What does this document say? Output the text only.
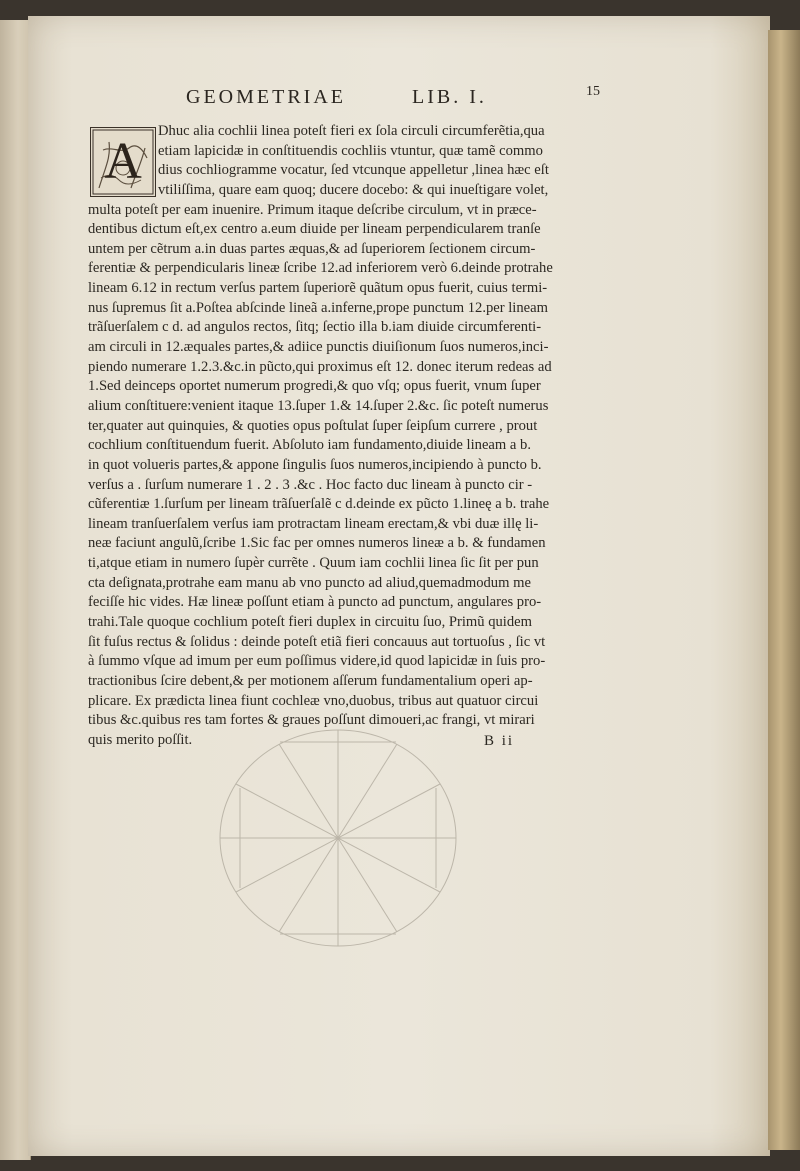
GEOMETRIAE	LIB. I.	15
A
Dhuc alia cochlii linea poteſt fieri ex ſola circuli circumferẽtia,qua
etiam lapicidæ in conſtituendis cochliis vtuntur, quæ tamẽ commo
dius cochliogramme vocatur, ſed vtcunque appelletur ,linea hæc eſt
vtiliſſima, quare eam quoq; ducere docebo: & qui inueſtigare volet,
multa poteſt per eam inuenire. Primum itaque deſcribe circulum, vt in præce-
dentibus dictum eſt,ex centro a.eum diuide per lineam perpendicularem tranſe
untem per cẽtrum a.in duas partes æquas,& ad ſuperiorem ſectionem circum-
ferentiæ & perpendicularis lineæ ſcribe 12.ad inferiorem verò 6.deinde protrahe
lineam 6.12 in rectum verſus partem ſuperiorẽ quãtum opus fuerit, cuius termi-
nus ſupremus ſit a.Poſtea abſcinde lineã a.inferne,prope punctum 12.per lineam
trãſuerſalem c d. ad angulos rectos, ſitq; ſectio illa b.iam diuide circumferenti-
am circuli in 12.æquales partes,& adiice punctis diuiſionum ſuos numeros,inci-
piendo numerare 1.2.3.&c.in pũcto,qui proximus eſt 12. donec iterum redeas ad
1.Sed deinceps oportet numerum progredi,& quo vſq; opus fuerit, vnum ſuper
alium conſtituere:venient itaque 13.ſuper 1.& 14.ſuper 2.&c. ſic poteſt numerus
ter,quater aut quinquies, & quoties opus poſtulat ſuper ſeipſum currere , prout
cochlium conſtituendum fuerit. Abſoluto iam fundamento,diuide lineam a b.
in quot volueris partes,& appone ſingulis ſuos numeros,incipiendo à puncto b.
verſus a . ſurſum numerare 1 . 2 . 3 .&c . Hoc facto duc lineam à puncto cir -
cũferentiæ 1.ſurſum per lineam trãſuerſalẽ c d.deinde ex pũcto 1.lineę a b. trahe
lineam tranſuerſalem verſus iam protractam lineam erectam,& vbi duæ illę li-
neæ faciunt angulũ,ſcribe 1.Sic fac per omnes numeros lineæ a b. & fundamen
ti,atque etiam in numero ſupèr currẽte . Quum iam cochlii linea ſic ſit per pun
cta deſignata,protrahe eam manu ab vno puncto ad aliud,quemadmodum me
feciſſe hic vides. Hæ lineæ poſſunt etiam à puncto ad punctum, angulares pro-
trahi.Tale quoque cochlium poteſt fieri duplex in circuitu ſuo, Primũ quidem
ſit fuſus rectus & ſolidus : deinde poteſt etiã fieri concauus aut tortuoſus , ſic vt
à ſummo vſque ad imum per eum poſſimus videre,id quod lapicidæ in ſuis pro-
tractionibus ſcire debent,& per motionem aſſerum fundamentalium operi ap-
plicare. Ex prædicta linea fiunt cochleæ vno,duobus, tribus aut quatuor circui
tibus &c.quibus res tam fortes & graues poſſunt dimoueri,ac frangi, vt mirari
quis merito poſſit.	B ii
